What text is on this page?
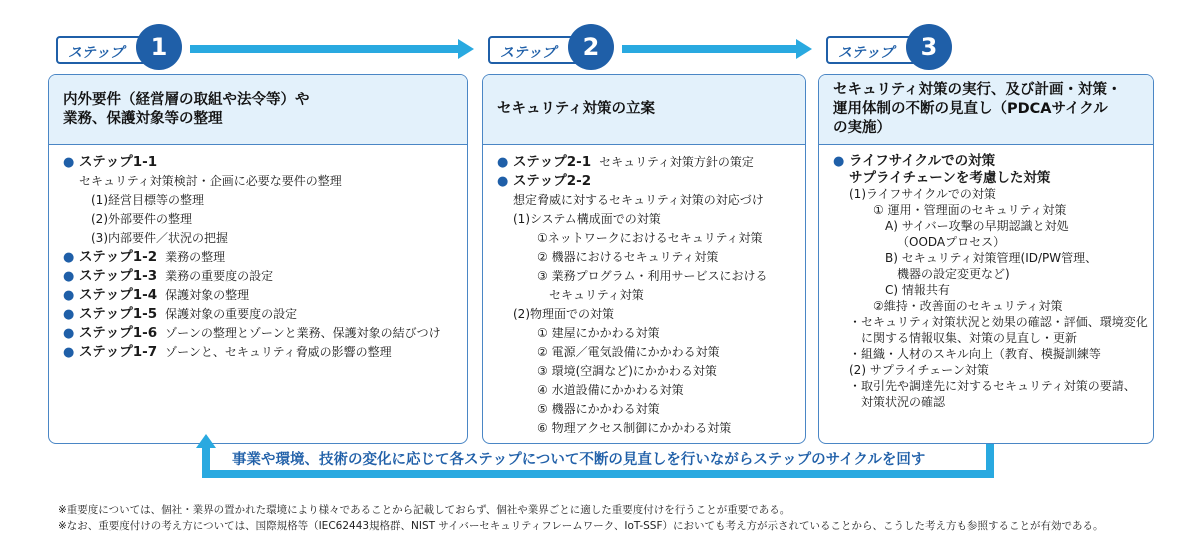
ステップ	1	ステップ	2	ステップ	3
内外要件（経営層の取組や法令等）や
業務、保護対象等の整理
● ステップ1-1
セキュリティ対策検討・企画に必要な要件の整理
(1)経営目標等の整理
(2)外部要件の整理
(3)内部要件／状況の把握
● ステップ1-2 業務の整理
● ステップ1-3 業務の重要度の設定
● ステップ1-4 保護対象の整理
● ステップ1-5 保護対象の重要度の設定
● ステップ1-6 ゾーンの整理とゾーンと業務、保護対象の結びつけ
● ステップ1-7 ゾーンと、セキュリティ脅威の影響の整理
セキュリティ対策の立案
● ステップ2-1 セキュリティ対策方針の策定
● ステップ2-2
想定脅威に対するセキュリティ対策の対応づけ
(1)システム構成面での対策
①ネットワークにおけるセキュリティ対策
② 機器におけるセキュリティ対策
③ 業務プログラム・利用サービスにおける
セキュリティ対策
(2)物理面での対策
① 建屋にかかわる対策
② 電源／電気設備にかかわる対策
③ 環境(空調など)にかかわる対策
④ 水道設備にかかわる対策
⑤ 機器にかかわる対策
⑥ 物理アクセス制御にかかわる対策
セキュリティ対策の実行、及び計画・対策・
運用体制の不断の見直し（PDCAサイクル
の実施）
● ライフサイクルでの対策
サプライチェーンを考慮した対策
(1)ライフサイクルでの対策
① 運用・管理面のセキュリティ対策
A) サイバー攻撃の早期認識と対処
（OODAプロセス）
B) セキュリティ対策管理(ID/PW管理、
機器の設定変更など)
C) 情報共有
②維持・改善面のセキュリティ対策
・セキュリティ対策状況と効果の確認・評価、環境変化
に関する情報収集、対策の見直し・更新
・組織・人材のスキル向上（教育、模擬訓練等
(2) サプライチェーン対策
・取引先や調達先に対するセキュリティ対策の要請、
対策状況の確認
事業や環境、技術の変化に応じて各ステップについて不断の見直しを行いながらステップのサイクルを回す
※重要度については、個社・業界の置かれた環境により様々であることから記載しておらず、個社や業界ごとに適した重要度付けを行うことが重要である。
※なお、重要度付けの考え方については、国際規格等（IEC62443規格群、NIST サイバーセキュリティフレームワーク、IoT-SSF）においても考え方が示されていることから、こうした考え方も参照することが有効である。
